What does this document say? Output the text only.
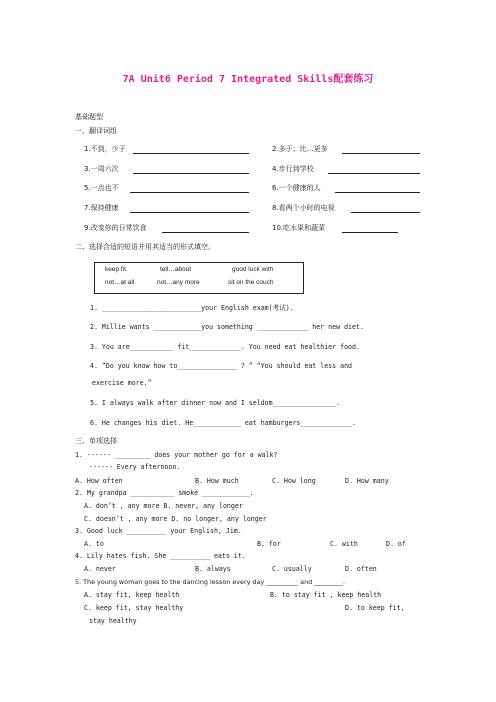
7A Unit6 Period 7 Integrated Skills配套练习
基础题型
一、翻译词组
1.不到，少于	2.多于；比…更多
3.一周六次	4.步行到学校
5.一点也不	6.一个健康的人
7.保持健康	8.看两个小时的电视
9.改变你的日常饮食	10.吃水果和蔬菜
二、选择合适的短语并用其适当的形式填空。
keep fit	tell…about	good luck with
not…at all	not…any more	sit on the couch
1. _________________________your English exam(考试).
2. Millie wants ____________you something _____________ her new diet.
3. You are___________ fit_____________. You need eat healthier food.
4. “Do you know how to_______________ ? ” “You should eat less and
exercise more.”
5. I always walk after dinner now and I seldom________________.
6. He changes his diet. He____________ eat hamburgers_____________.
三、单项选择
1. ------ _________ does your mother go for a walk?
------ Every afternoon.
A. How often	B. How much	C. How long	D. How many
2. My grandpa ___________ smoke ____________.
A. don’t , any more B. never, any longer
C. doesn’t , any more D. no longer, any longer
3. Good luck __________ your English, Jim.
A. to	B. for	C. with	D. of
4. Lily hates fish. She __________ eats it.
A. never	B. always	C. usually	D. often
5. The young woman goes to the dancing lesson every day __________ and _________.
A. stay fit, keep health	B. to stay fit , keep health
C. keep fit, stay healthy	D. to keep fit,
stay healthy
